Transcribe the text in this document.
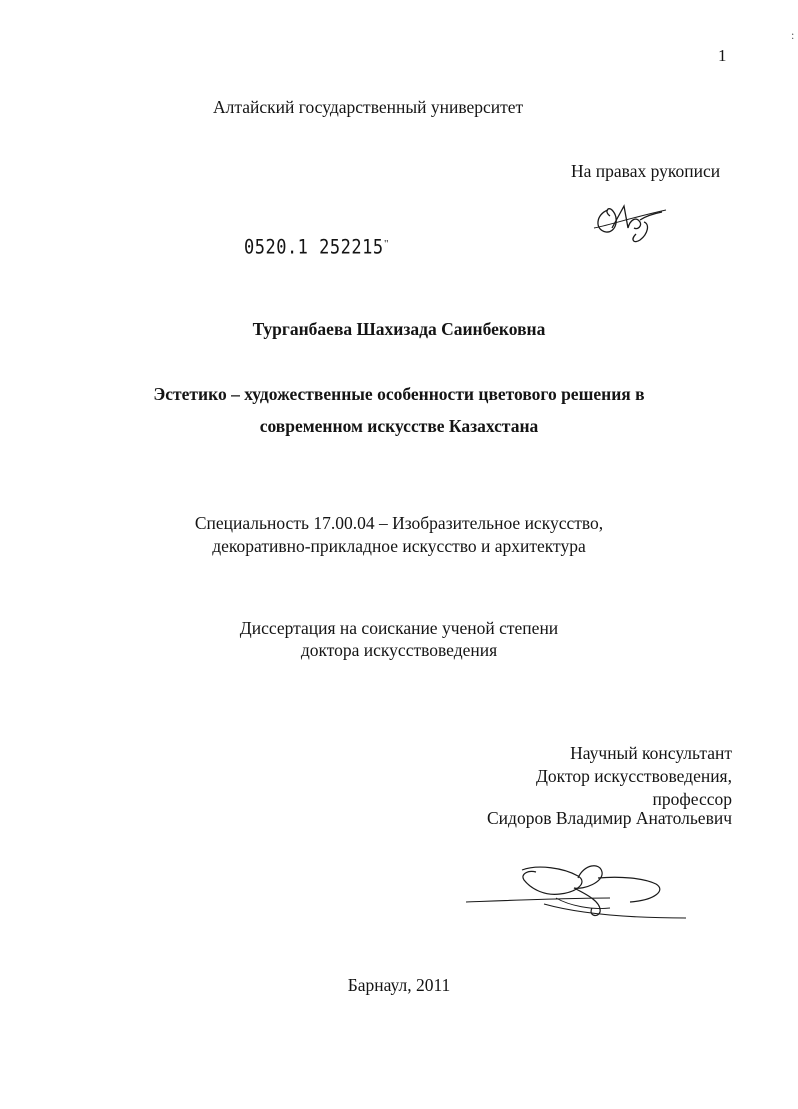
1
:
Алтайский государственный университет
На правах рукописи
0520.1 252215 "
Турганбаева Шахизада Саинбековна
Эстетико – художественные особенности цветового решения в
современном искусстве Казахстана
Специальность 17.00.04 – Изобразительное искусство,
декоративно-прикладное искусство и архитектура
Диссертация на соискание ученой степени
доктора искусствоведения
Научный консультант
Доктор искусствоведения,
профессор
Сидоров Владимир Анатольевич
Барнаул, 2011
